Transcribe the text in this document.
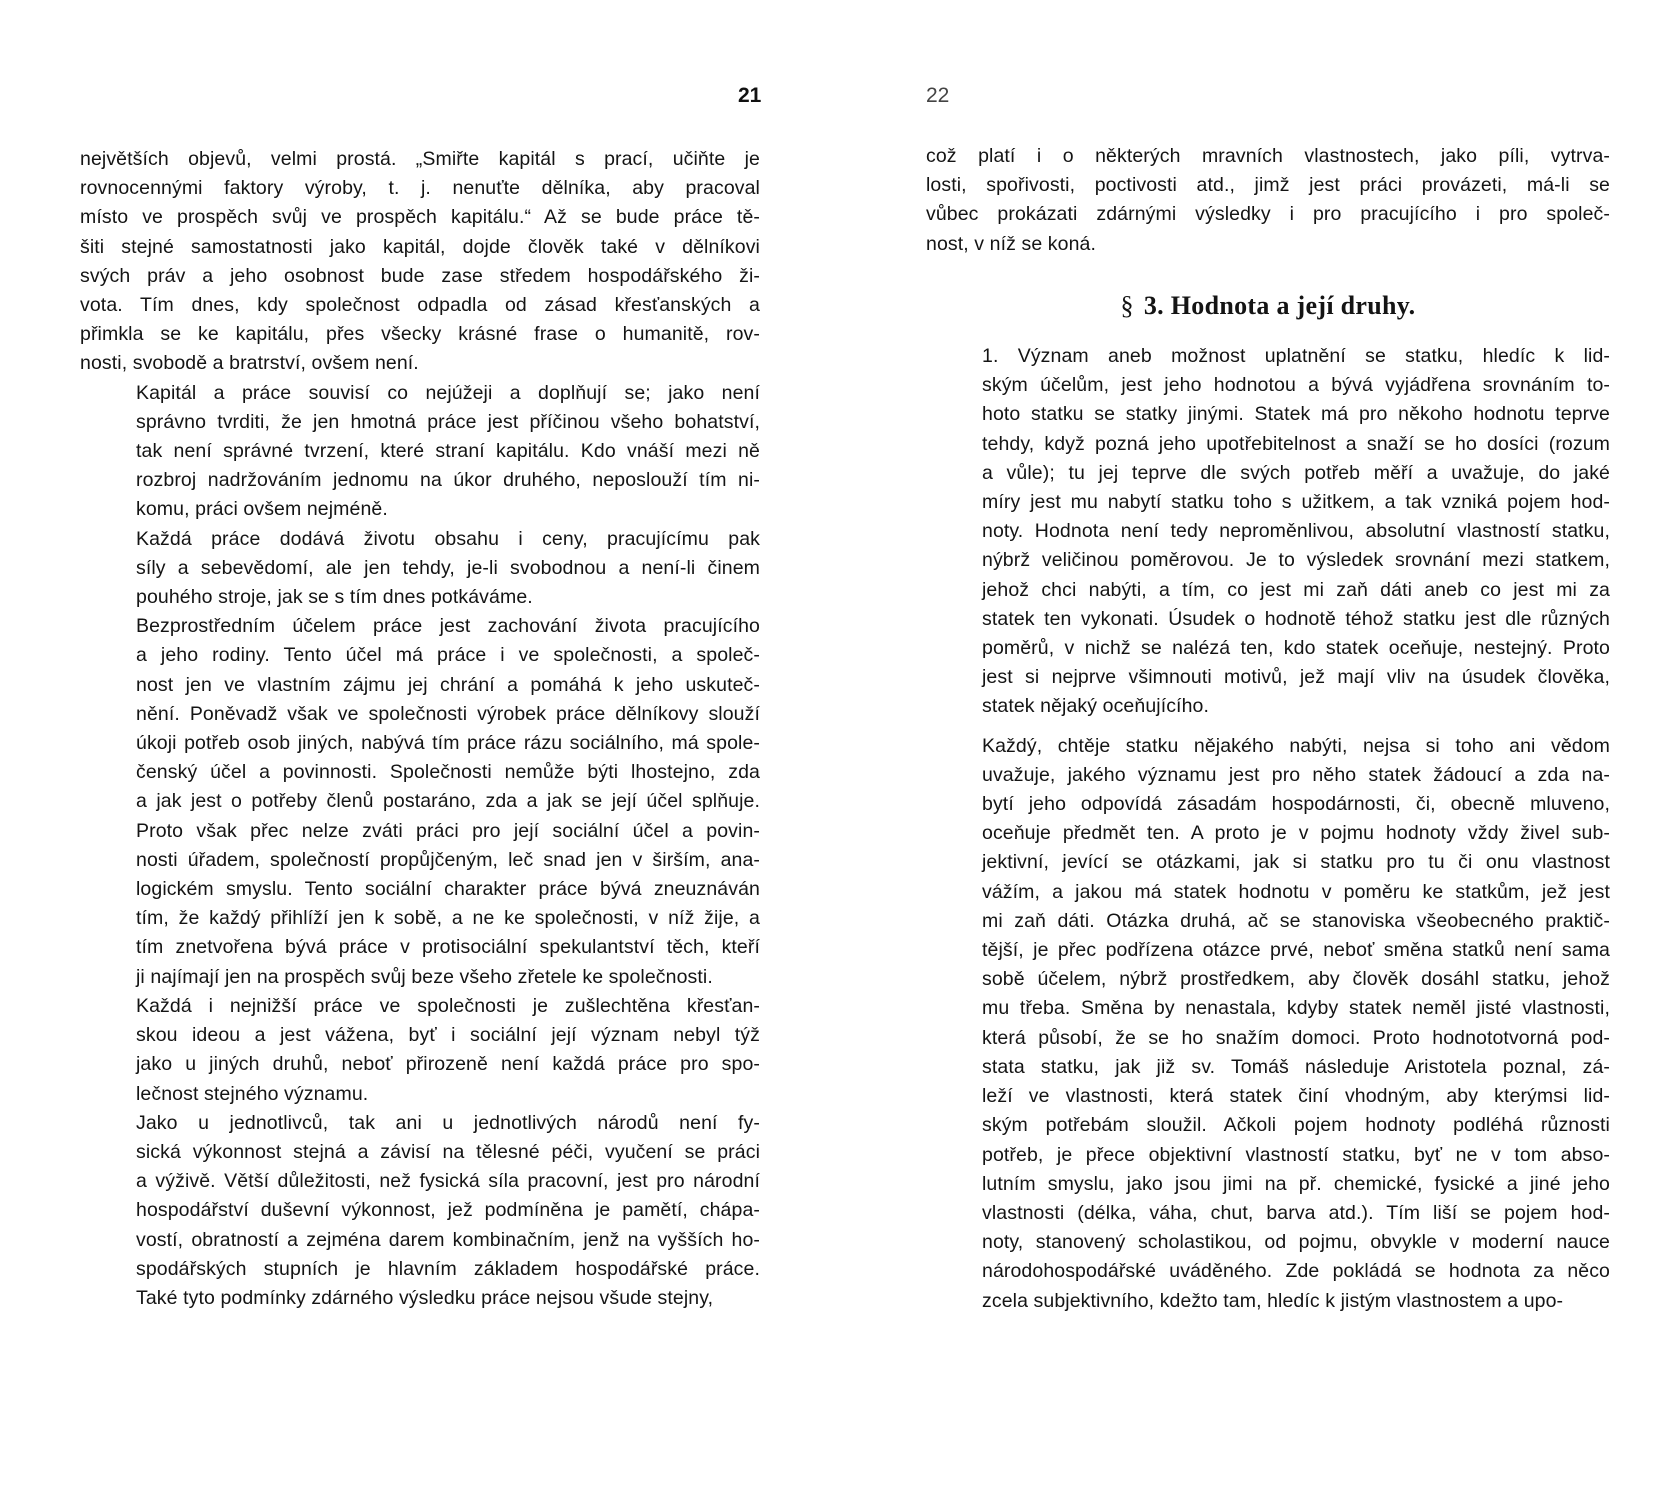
21
největších objevů, velmi prostá. „Smiřte kapitál s prací, učiňte je
rovnocennými faktory výroby, t. j. nenuťte dělníka, aby pracoval
místo ve prospěch svůj ve prospěch kapitálu.“ Až se bude práce tě-
šiti stejné samostatnosti jako kapitál, dojde člověk také v dělníkovi
svých práv a jeho osobnost bude zase středem hospodářského ži-
vota. Tím dnes, kdy společnost odpadla od zásad křesťanských a
přimkla se ke kapitálu, přes všecky krásné frase o humanitě, rov-
nosti, svobodě a bratrství, ovšem není.
Kapitál a práce souvisí co nejúžeji a doplňují se; jako není
správno tvrditi, že jen hmotná práce jest příčinou všeho bohatství,
tak není správné tvrzení, které straní kapitálu. Kdo vnáší mezi ně
rozbroj nadržováním jednomu na úkor druhého, neposlouží tím ni-
komu, práci ovšem nejméně.
Každá práce dodává životu obsahu i ceny, pracujícímu pak
síly a sebevědomí, ale jen tehdy, je-li svobodnou a není-li činem
pouhého stroje, jak se s tím dnes potkáváme.
Bezprostředním účelem práce jest zachování života pracujícího
a jeho rodiny. Tento účel má práce i ve společnosti, a společ-
nost jen ve vlastním zájmu jej chrání a pomáhá k jeho uskuteč-
nění. Poněvadž však ve společnosti výrobek práce dělníkovy slouží
úkoji potřeb osob jiných, nabývá tím práce rázu sociálního, má spole-
čenský účel a povinnosti. Společnosti nemůže býti lhostejno, zda
a jak jest o potřeby členů postaráno, zda a jak se její účel splňuje.
Proto však přec nelze zváti práci pro její sociální účel a povin-
nosti úřadem, společností propůjčeným, leč snad jen v širším, ana-
logickém smyslu. Tento sociální charakter práce bývá zneuznáván
tím, že každý přihlíží jen k sobě, a ne ke společnosti, v níž žije, a
tím znetvořena bývá práce v protisociální spekulantství těch, kteří
ji najímají jen na prospěch svůj beze všeho zřetele ke společnosti.
Každá i nejnižší práce ve společnosti je zušlechtěna křesťan-
skou ideou a jest vážena, byť i sociální její význam nebyl týž
jako u jiných druhů, neboť přirozeně není každá práce pro spo-
lečnost stejného významu.
Jako u jednotlivců, tak ani u jednotlivých národů není fy-
sická výkonnost stejná a závisí na tělesné péči, vyučení se práci
a výživě. Větší důležitosti, než fysická síla pracovní, jest pro národní
hospodářství duševní výkonnost, jež podmíněna je pamětí, chápa-
vostí, obratností a zejména darem kombinačním, jenž na vyšších ho-
spodářských stupních je hlavním základem hospodářské práce.
Také tyto podmínky zdárného výsledku práce nejsou všude stejny,
22
což platí i o některých mravních vlastnostech, jako píli, vytrva-
losti, spořivosti, poctivosti atd., jimž jest práci provázeti, má-li se
vůbec prokázati zdárnými výsledky i pro pracujícího i pro společ-
nost, v níž se koná.
§ 3. Hodnota a její druhy.
1. Význam aneb možnost uplatnění se statku, hledíc k lid-
ským účelům, jest jeho hodnotou a bývá vyjádřena srovnáním to-
hoto statku se statky jinými. Statek má pro někoho hodnotu teprve
tehdy, když pozná jeho upotřebitelnost a snaží se ho dosíci (rozum
a vůle); tu jej teprve dle svých potřeb měří a uvažuje, do jaké
míry jest mu nabytí statku toho s užitkem, a tak vzniká pojem hod-
noty. Hodnota není tedy neproměnlivou, absolutní vlastností statku,
nýbrž veličinou poměrovou. Je to výsledek srovnání mezi statkem,
jehož chci nabýti, a tím, co jest mi zaň dáti aneb co jest mi za
statek ten vykonati. Úsudek o hodnotě téhož statku jest dle různých
poměrů, v nichž se nalézá ten, kdo statek oceňuje, nestejný. Proto
jest si nejprve všimnouti motivů, jež mají vliv na úsudek člověka,
statek nějaký oceňujícího.
Každý, chtěje statku nějakého nabýti, nejsa si toho ani vědom
uvažuje, jakého významu jest pro něho statek žádoucí a zda na-
bytí jeho odpovídá zásadám hospodárnosti, či, obecně mluveno,
oceňuje předmět ten. A proto je v pojmu hodnoty vždy živel sub-
jektivní, jevící se otázkami, jak si statku pro tu či onu vlastnost
vážím, a jakou má statek hodnotu v poměru ke statkům, jež jest
mi zaň dáti. Otázka druhá, ač se stanoviska všeobecného praktič-
tější, je přec podřízena otázce prvé, neboť směna statků není sama
sobě účelem, nýbrž prostředkem, aby člověk dosáhl statku, jehož
mu třeba. Směna by nenastala, kdyby statek neměl jisté vlastnosti,
která působí, že se ho snažím domoci. Proto hodnototvorná pod-
stata statku, jak již sv. Tomáš následuje Aristotela poznal, zá-
leží ve vlastnosti, která statek činí vhodným, aby kterýmsi lid-
ským potřebám sloužil. Ačkoli pojem hodnoty podléhá různosti
potřeb, je přece objektivní vlastností statku, byť ne v tom abso-
lutním smyslu, jako jsou jimi na př. chemické, fysické a jiné jeho
vlastnosti (délka, váha, chut, barva atd.). Tím liší se pojem hod-
noty, stanovený scholastikou, od pojmu, obvykle v moderní nauce
národohospodářské uváděného. Zde pokládá se hodnota za něco
zcela subjektivního, kdežto tam, hledíc k jistým vlastnostem a upo-
